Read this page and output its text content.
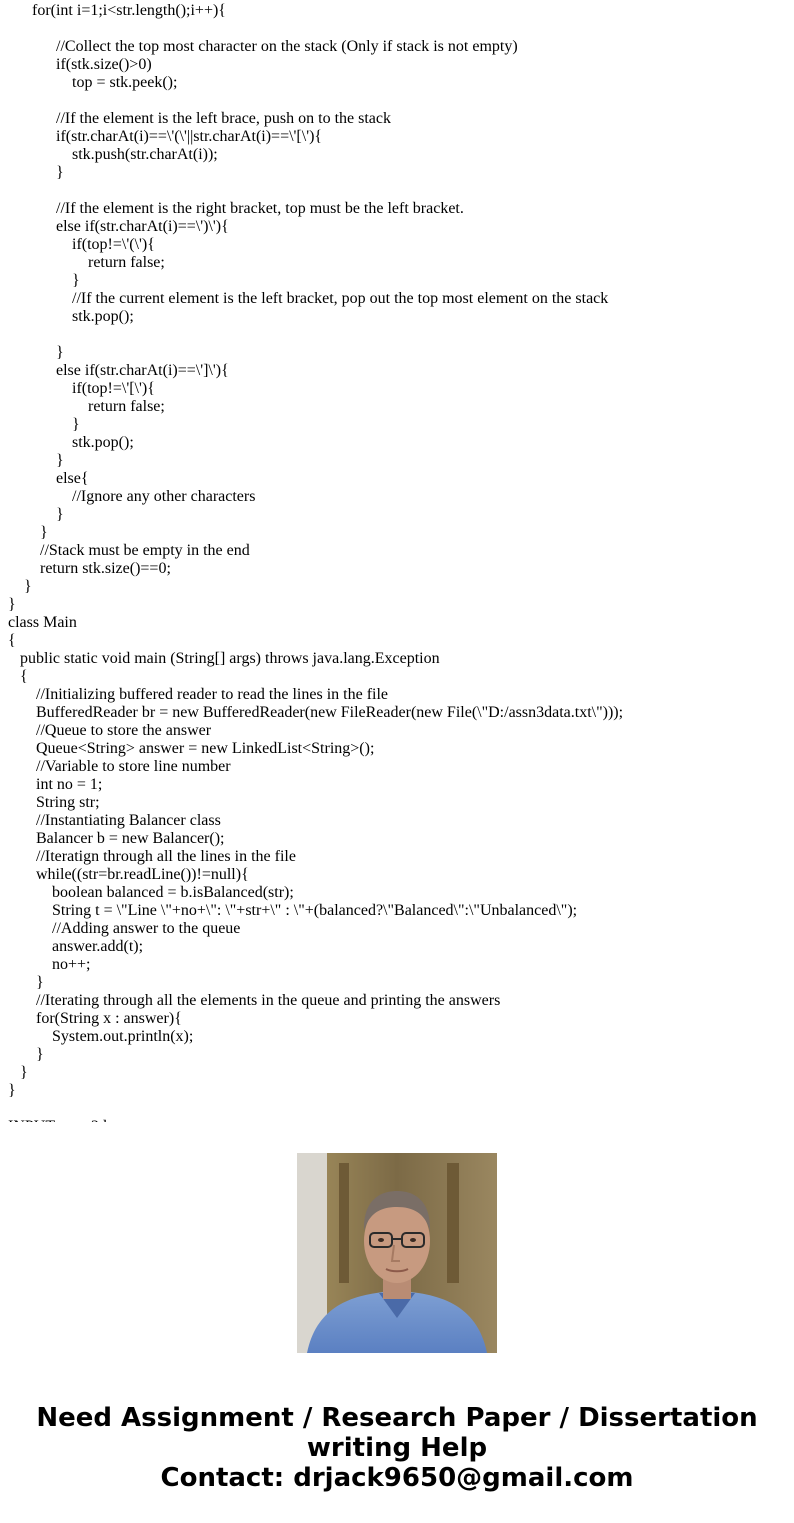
for(int i=1;i<str.length();i++){
//Collect the top most character on the stack (Only if stack is not empty)
if(stk.size()>0)
top = stk.peek();
//If the element is the left brace, push on to the stack
if(str.charAt(i)==\'(\'||str.charAt(i)==\'[\'){
stk.push(str.charAt(i));
}
//If the element is the right bracket, top must be the left bracket.
else if(str.charAt(i)==\')\'){
if(top!=\'(\'){
return false;
}
//If the current element is the left bracket, pop out the top most element on the stack
stk.pop();
}
else if(str.charAt(i)==\']\'){
if(top!=\'[\'){
return false;
}
stk.pop();
}
else{
//Ignore any other characters
}
}
//Stack must be empty in the end
return stk.size()==0;
}
}
class Main
{
public static void main (String[] args) throws java.lang.Exception
{
//Initializing buffered reader to read the lines in the file
BufferedReader br = new BufferedReader(new FileReader(new File(\"D:/assn3data.txt\")));
//Queue to store the answer
Queue<String> answer = new LinkedList<String>();
//Variable to store line number
int no = 1;
String str;
//Instantiating Balancer class
Balancer b = new Balancer();
//Iteratign through all the lines in the file
while((str=br.readLine())!=null){
boolean balanced = b.isBalanced(str);
String t = \"Line \"+no+\": \"+str+\" : \"+(balanced?\"Balanced\":\"Unbalanced\");
//Adding answer to the queue
answer.add(t);
no++;
}
//Iterating through all the elements in the queue and printing the answers
for(String x : answer){
System.out.println(x);
}
}
}
Need Assignment / Research Paper / Dissertation
writing Help
Contact: drjack9650@gmail.com
